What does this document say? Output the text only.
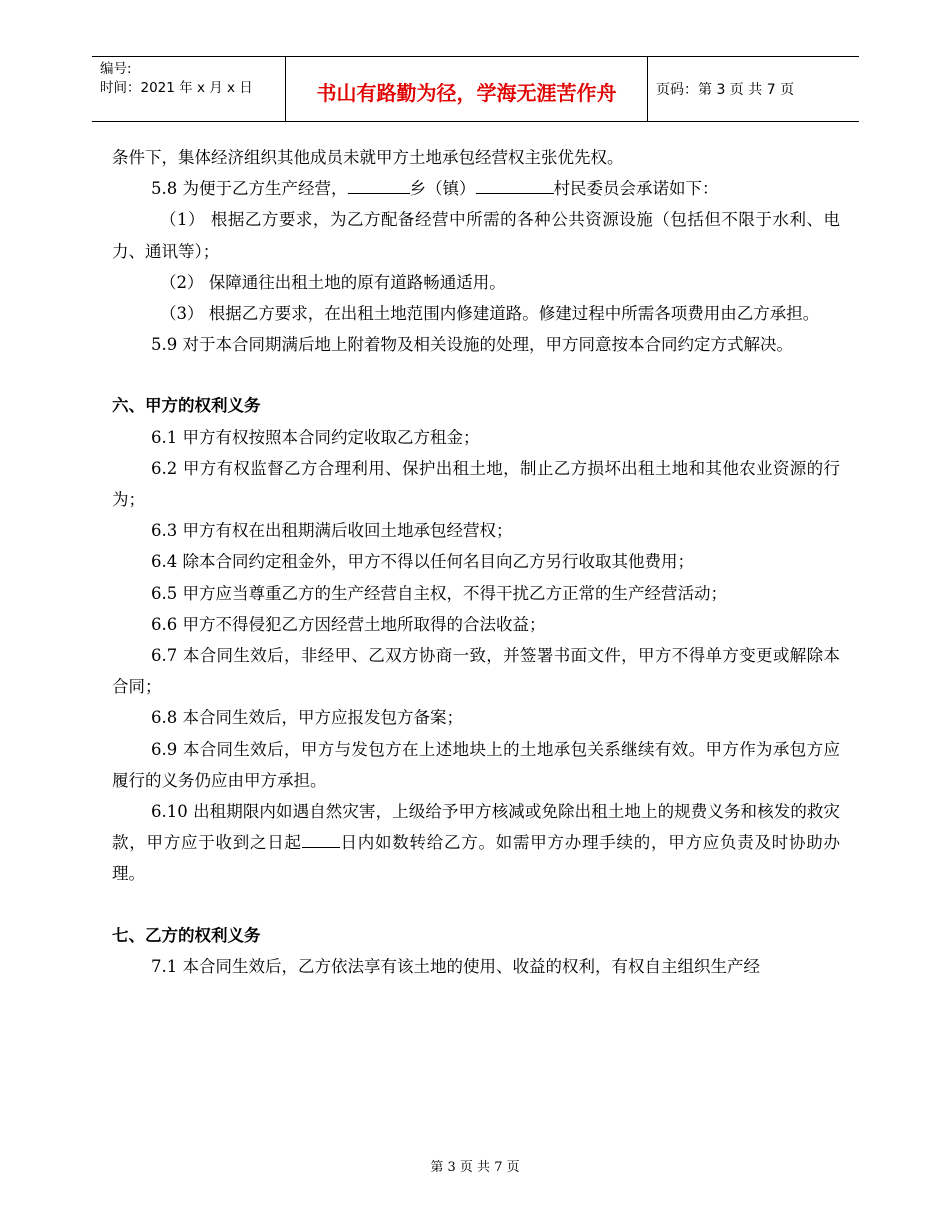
编号:
时间：2021 年 x 月 x 日	书山有路勤为径，学海无涯苦作舟	页码：第 3 页 共 7 页

条件下，集体经济组织其他成员未就甲方土地承包经营权主张优先权。

5.8 为便于乙方生产经营，	乡（镇）	村民委员会承诺如下：

（1） 根据乙方要求，为乙方配备经营中所需的各种公共资源设施（包括但不限于水利、电力、通讯等）；

（2） 保障通往出租土地的原有道路畅通适用。

（3） 根据乙方要求，在出租土地范围内修建道路。修建过程中所需各项费用由乙方承担。

5.9 对于本合同期满后地上附着物及相关设施的处理，甲方同意按本合同约定方式解决。

六、甲方的权利义务

6.1 甲方有权按照本合同约定收取乙方租金；

6.2 甲方有权监督乙方合理利用、保护出租土地，制止乙方损坏出租土地和其他农业资源的行为；

6.3 甲方有权在出租期满后收回土地承包经营权；

6.4 除本合同约定租金外，甲方不得以任何名目向乙方另行收取其他费用；

6.5 甲方应当尊重乙方的生产经营自主权，不得干扰乙方正常的生产经营活动；

6.6 甲方不得侵犯乙方因经营土地所取得的合法收益；

6.7 本合同生效后，非经甲、乙双方协商一致，并签署书面文件，甲方不得单方变更或解除本合同；

6.8 本合同生效后，甲方应报发包方备案；

6.9 本合同生效后，甲方与发包方在上述地块上的土地承包关系继续有效。甲方作为承包方应履行的义务仍应由甲方承担。

6.10 出租期限内如遇自然灾害，上级给予甲方核减或免除出租土地上的规费义务和核发的救灾款，甲方应于收到之日起 日内如数转给乙方。如需甲方办理手续的，甲方应负责及时协助办理。

七、乙方的权利义务

7.1 本合同生效后，乙方依法享有该土地的使用、收益的权利，有权自主组织生产经

第 3 页 共 7 页
